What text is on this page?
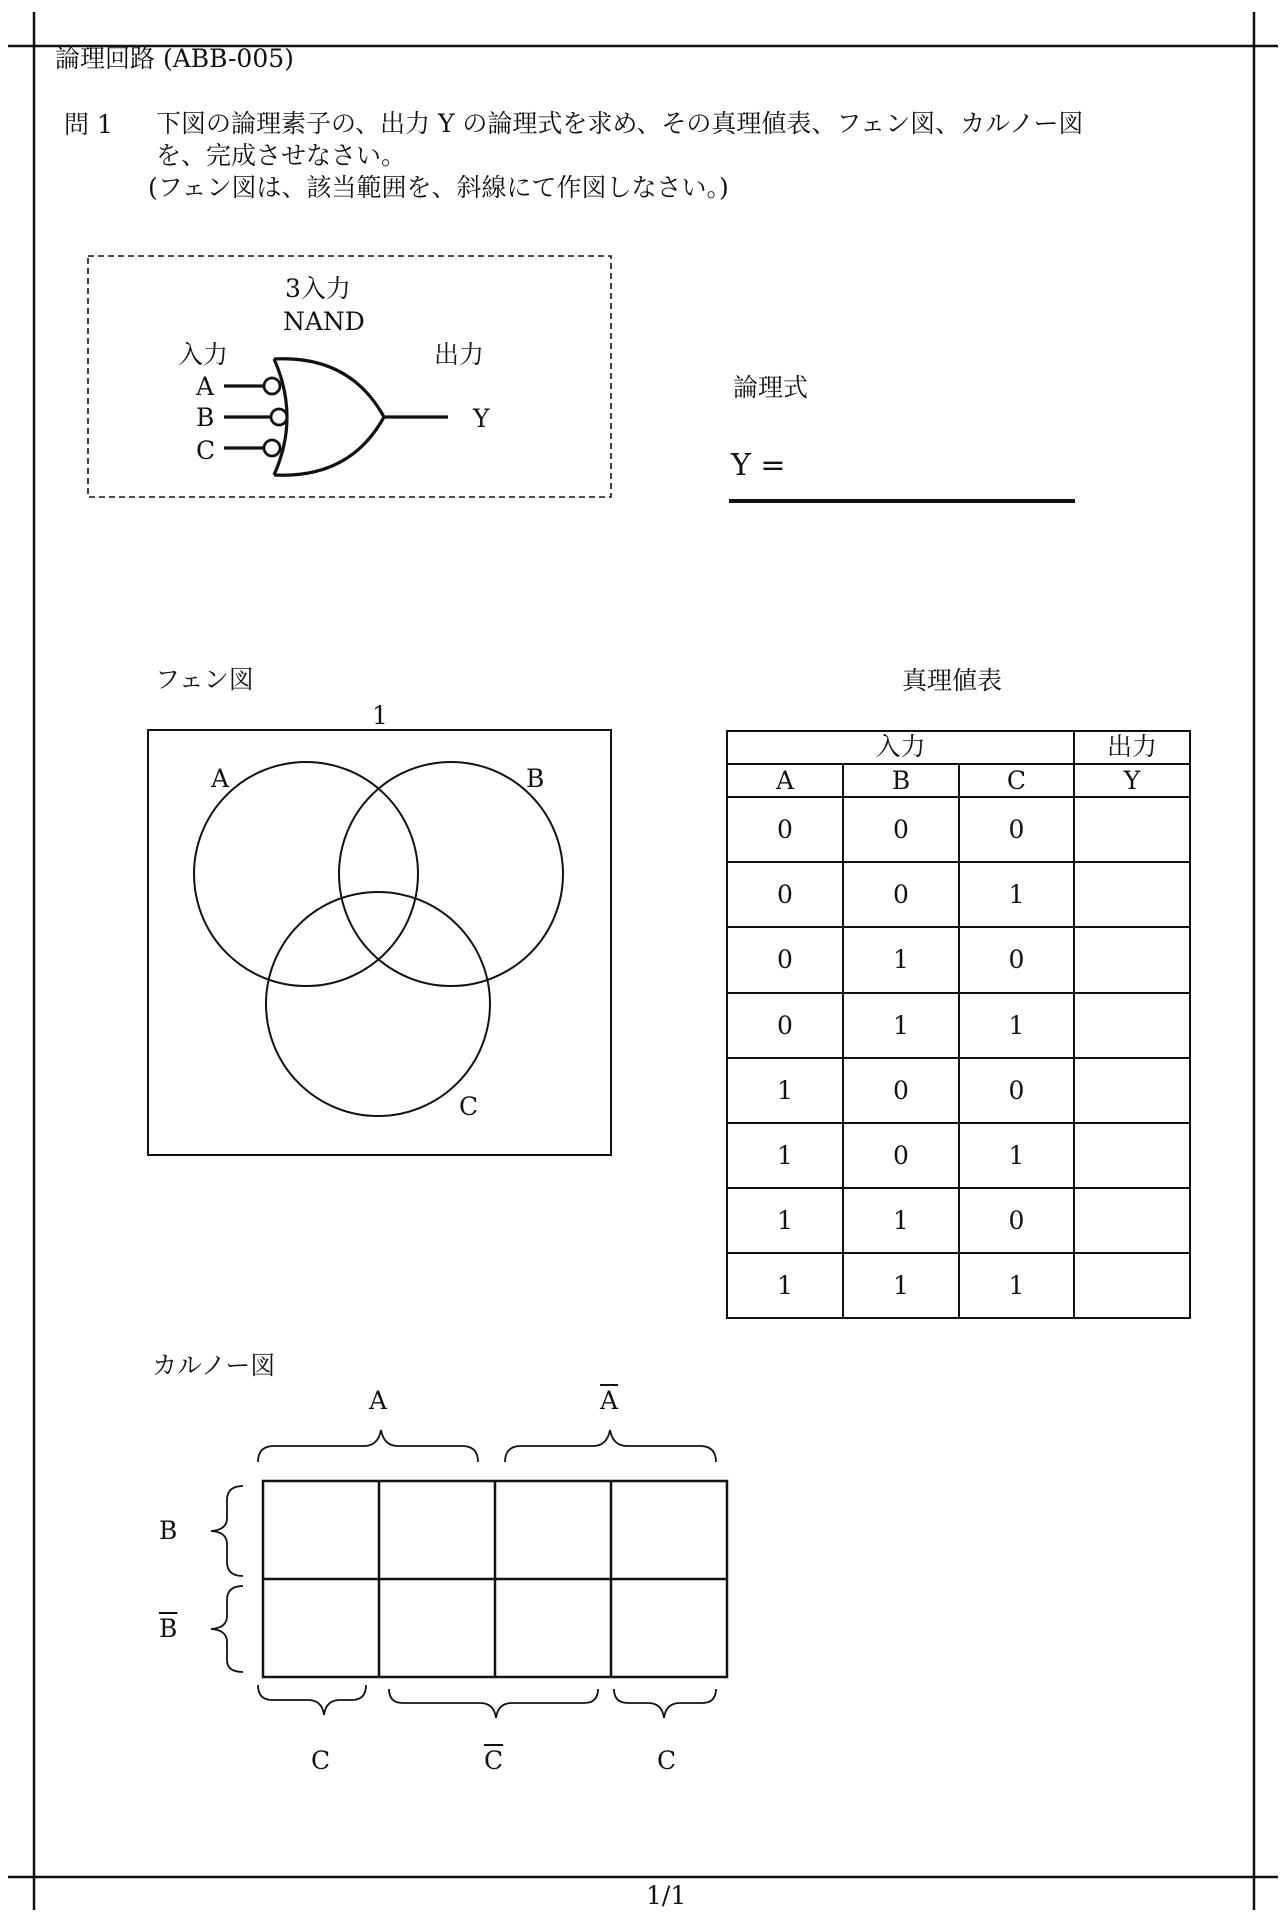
論理回路 (ABB-005)
問 1 下図の論理素子の、出力 Y の論理式を求め、その真理値表、フェン図、カルノー図
を、完成させなさい。
(フェン図は、該当範囲を、斜線にて作図しなさい。)
3入力
NAND
入力	出力
A
B
C
Y
論理式
Y =
フェン図
1
A	B
C
真理値表
入力	出力
A	B	C	Y
0	0	0
0	0	1
0	1	0
0	1	1
1	0	0
1	0	1
1	1	0
1	1	1
カルノー図
A	$\overline{A}$
B
$\overline{B}$
C	$\overline{C}$	C
1/1
